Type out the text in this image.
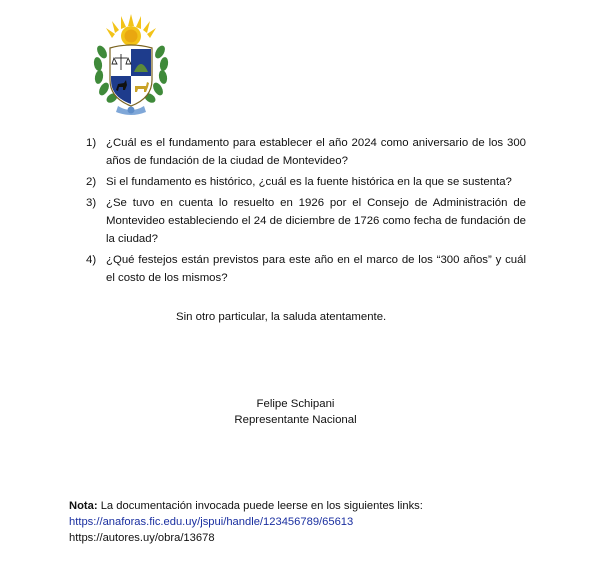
1) ¿Cuál es el fundamento para establecer el año 2024 como aniversario de los 300 años de fundación de la ciudad de Montevideo?
2) Si el fundamento es histórico, ¿cuál es la fuente histórica en la que se sustenta?
3) ¿Se tuvo en cuenta lo resuelto en 1926 por el Consejo de Administración de Montevideo estableciendo el 24 de diciembre de 1726 como fecha de fundación de la ciudad?
4) ¿Qué festejos están previstos para este año en el marco de los “300 años” y cuál el costo de los mismos?
Sin otro particular, la saluda atentamente.
Felipe Schipani
Representante Nacional
Nota: La documentación invocada puede leerse en los siguientes links:
https://anaforas.fic.edu.uy/jspui/handle/123456789/65613
https://autores.uy/obra/13678
